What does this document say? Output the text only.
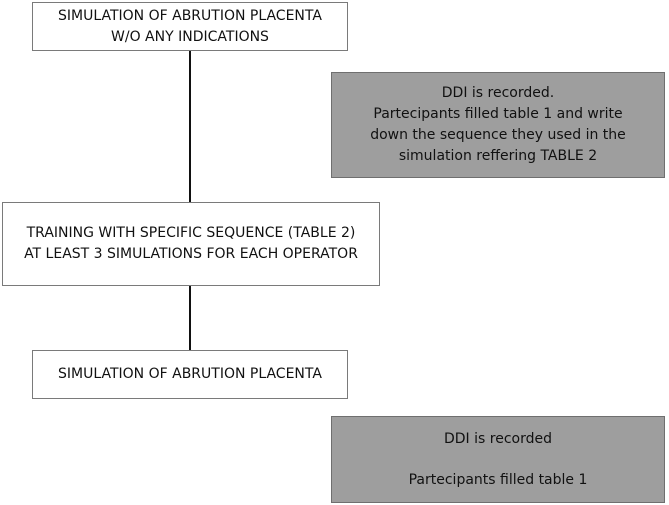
SIMULATION OF ABRUTION PLACENTA
W/O ANY INDICATIONS
DDI is recorded.
Partecipants filled table 1 and write
down the sequence they used in the
simulation reffering TABLE 2
TRAINING WITH SPECIFIC SEQUENCE (TABLE 2)
AT LEAST 3 SIMULATIONS FOR EACH OPERATOR
SIMULATION OF ABRUTION PLACENTA
DDI is recorded
Partecipants filled table 1
